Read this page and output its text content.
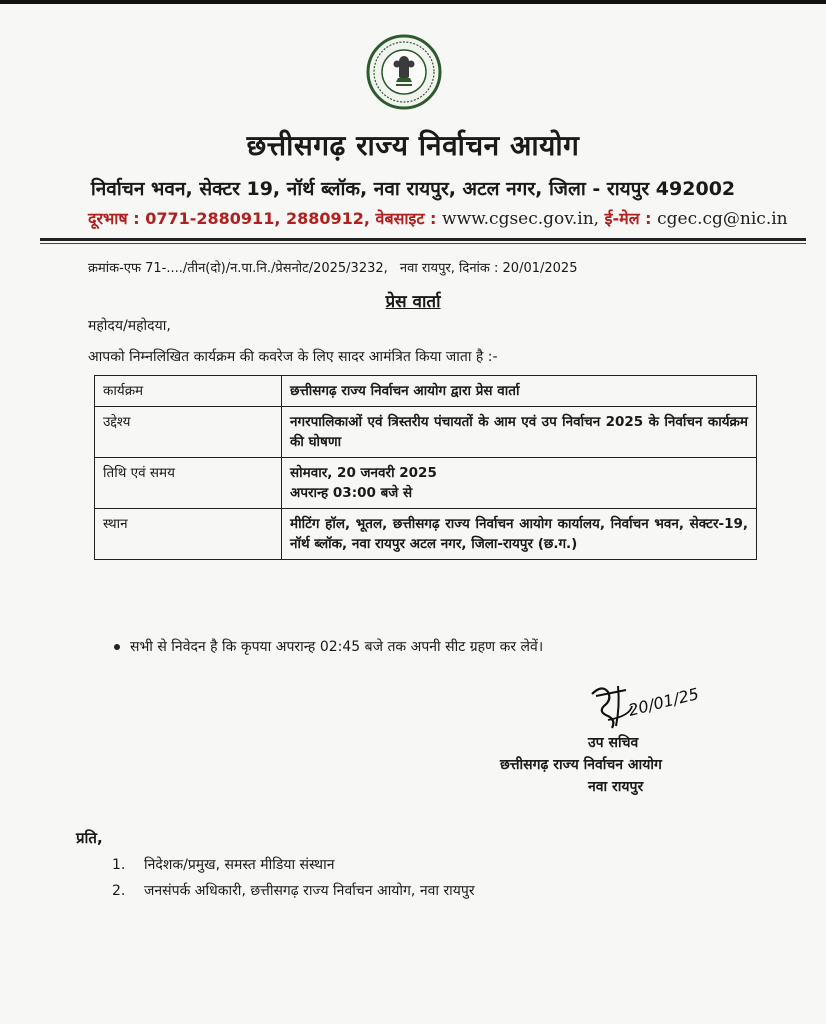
छत्तीसगढ़ राज्य निर्वाचन आयोग
निर्वाचन भवन, सेक्टर 19, नॉर्थ ब्लॉक, नवा रायपुर, अटल नगर, जिला - रायपुर 492002
दूरभाष : 0771-2880911, 2880912, वेबसाइट : www.cgsec.gov.in, ई-मेल : cgec.cg@nic.in
क्रमांक-एफ 71-..../तीन(दो)/न.पा.नि./प्रेसनोट/2025/3232, नवा रायपुर, दिनांक : 20/01/2025
प्रेस वार्ता
महोदय/महोदया,
आपको निम्नलिखित कार्यक्रम की कवरेज के लिए सादर आमंत्रित किया जाता है :-
कार्यक्रम	छत्तीसगढ़ राज्य निर्वाचन आयोग द्वारा प्रेस वार्ता
उद्देश्य	नगरपालिकाओं एवं त्रिस्तरीय पंचायतों के आम एवं उप निर्वाचन 2025 के निर्वाचन कार्यक्रम की घोषणा
तिथि एवं समय	सोमवार, 20 जनवरी 2025
अपरान्ह 03:00 बजे से

स्थान	मीटिंग हॉल, भूतल, छत्तीसगढ़ राज्य निर्वाचन आयोग कार्यालय, निर्वाचन भवन, सेक्टर-19, नॉर्थ ब्लॉक, नवा रायपुर अटल नगर, जिला-रायपुर (छ.ग.)
सभी से निवेदन है कि कृपया अपरान्ह 02:45 बजे तक अपनी सीट ग्रहण कर लेवें।
20/01/25
उप सचिव
छत्तीसगढ़ राज्य निर्वाचन आयोग
नवा रायपुर
प्रति,
1. निदेशक/प्रमुख, समस्त मीडिया संस्थान
2. जनसंपर्क अधिकारी, छत्तीसगढ़ राज्य निर्वाचन आयोग, नवा रायपुर
